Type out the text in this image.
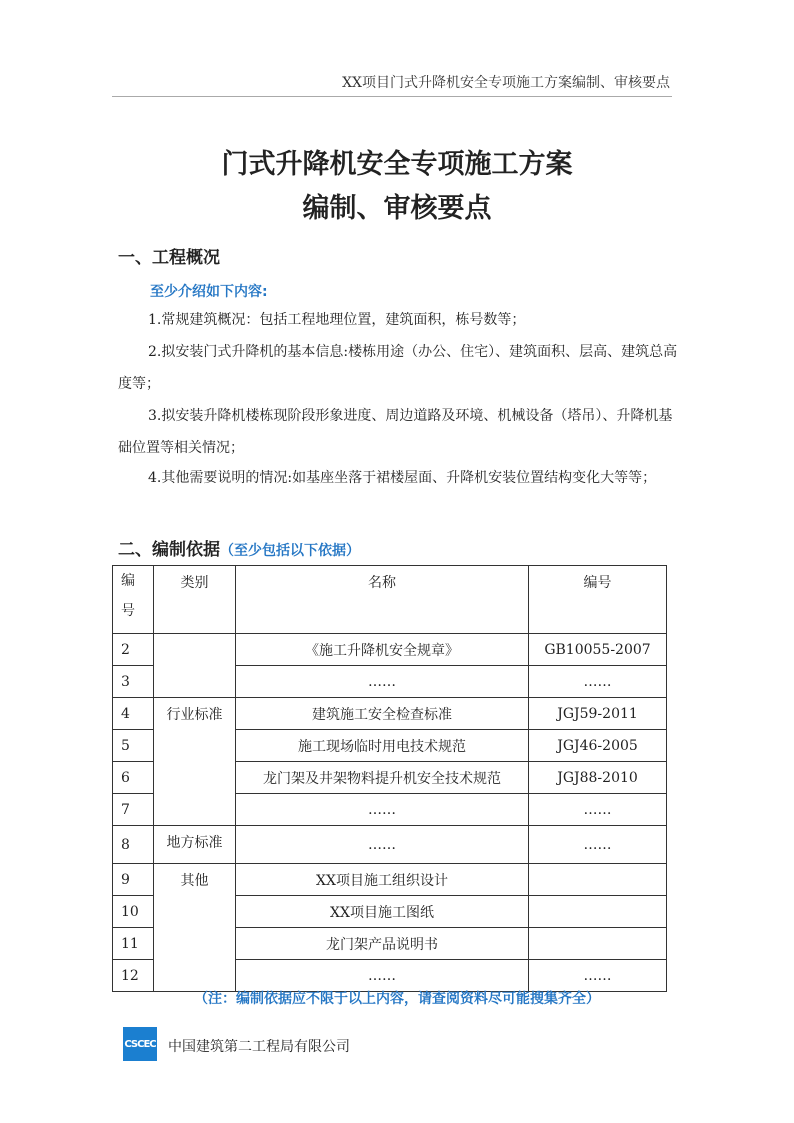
XX项目门式升降机安全专项施工方案编制、审核要点
门式升降机安全专项施工方案
编制、审核要点
一、工程概况
至少介绍如下内容:
1.常规建筑概况：包括工程地理位置，建筑面积，栋号数等；
2.拟安装门式升降机的基本信息:楼栋用途（办公、住宅）、建筑面积、层高、建筑总高度等；
3.拟安装升降机楼栋现阶段形象进度、周边道路及环境、机械设备（塔吊）、升降机基础位置等相关情况；
4.其他需要说明的情况:如基座坐落于裙楼屋面、升降机安装位置结构变化大等等；
二、编制依据（至少包括以下依据）
编号	类别	名称	编号
2		《施工升降机安全规章》	GB10055-2007
3		……	……
4	行业标准	建筑施工安全检查标准	JGJ59-2011
5		施工现场临时用电技术规范	JGJ46-2005
6		龙门架及井架物料提升机安全技术规范	JGJ88-2010
7		……	……
8	地方标准	……	……
9	其他	XX项目施工组织设计	
10		XX项目施工图纸	
11		龙门架产品说明书	
12		……	……
（注：编制依据应不限于以上内容，请查阅资料尽可能搜集齐全）
CSCEC 中国建筑第二工程局有限公司
